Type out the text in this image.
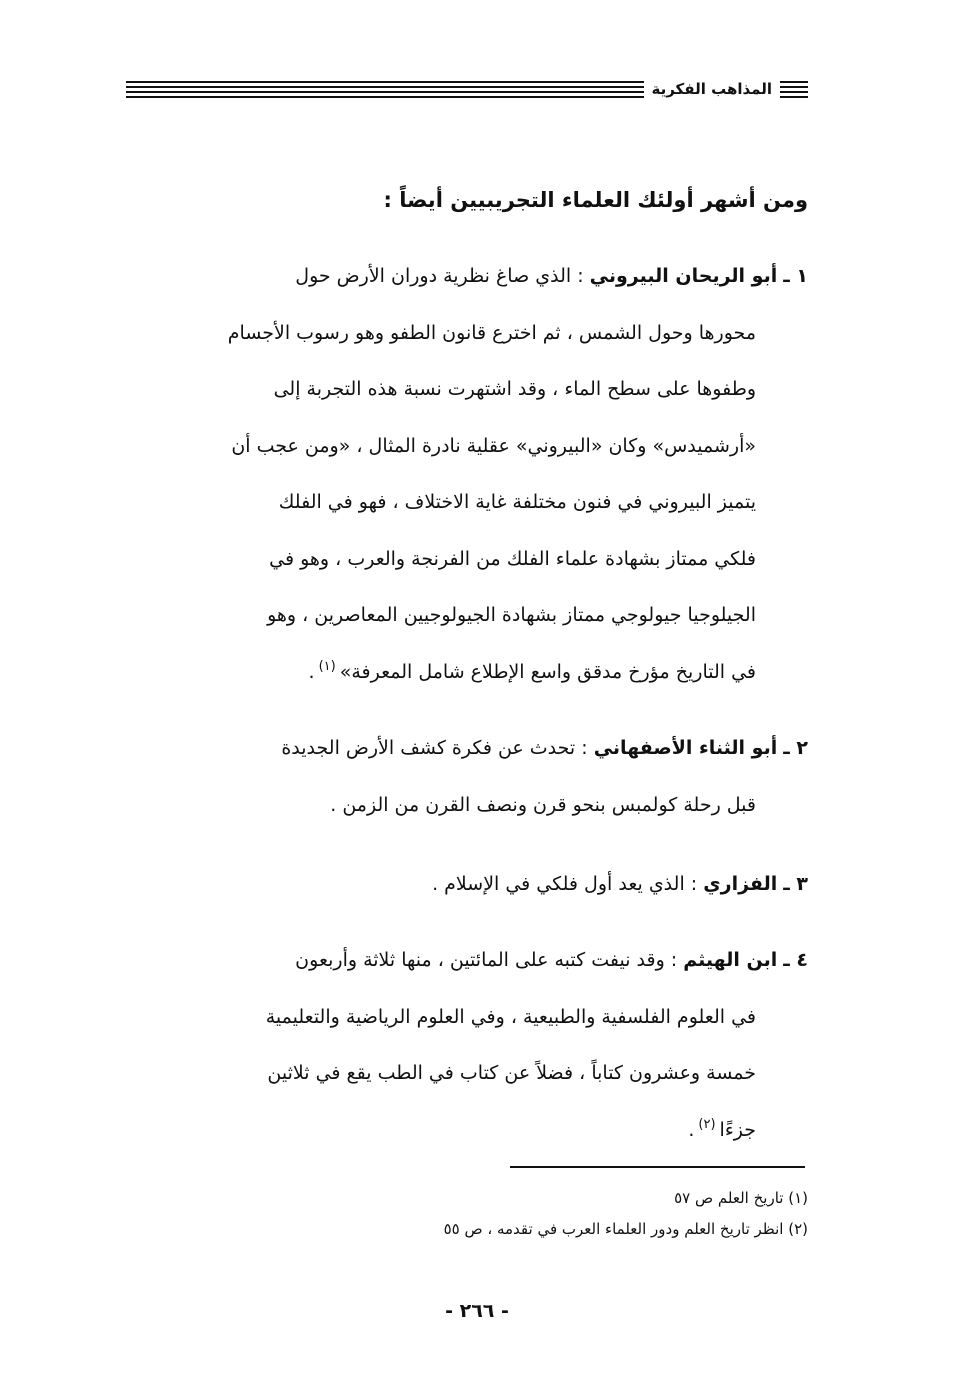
المذاهب الفكرية
ومن أشهر أولئك العلماء التجريبيين أيضاً :

١ ـ أبو الريحان البيروني : الذي صاغ نظرية دوران الأرض حول

محورها وحول الشمس ، ثم اخترع قانون الطفو وهو رسوب الأجسام

وطفوها على سطح الماء ، وقد اشتهرت نسبة هذه التجربة إلى

«أرشميدس» وكان «البيروني» عقلية نادرة المثال ، «ومن عجب أن

يتميز البيروني في فنون مختلفة غاية الاختلاف ، فهو في الفلك

فلكي ممتاز بشهادة علماء الفلك من الفرنجة والعرب ، وهو في

الجيلوجيا جيولوجي ممتاز بشهادة الجيولوجيين المعاصرين ، وهو

في التاريخ مؤرخ مدقق واسع الإطلاع شامل المعرفة»$^{(١)}$.

٢ ـ أبو الثناء الأصفهاني : تحدث عن فكرة كشف الأرض الجديدة

قبل رحلة كولمبس بنحو قرن ونصف القرن من الزمن .

٣ ـ الفزاري : الذي يعد أول فلكي في الإسلام .

٤ ـ ابن الهيثم : وقد نيفت كتبه على المائتين ، منها ثلاثة وأربعون

في العلوم الفلسفية والطبيعية ، وفي العلوم الرياضية والتعليمية

خمسة وعشرون كتاباً ، فضلاً عن كتاب في الطب يقع في ثلاثين

جزءًا$^{(٢)}$.

(١) تاريخ العلم ص ٥٧
(٢) انظر تاريخ العلم ودور العلماء العرب في تقدمه ، ص ٥٥
- ٢٦٦ -
